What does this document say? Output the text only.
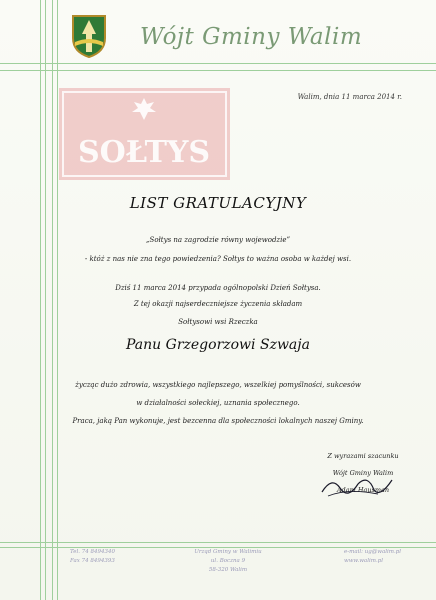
Wójt Gminy Walim
Walim, dnia 11 marca 2014 r.
SOŁTYS
LIST GRATULACYJNY
„Sołtys na zagrodzie równy wojewodzie”
- któż z nas nie zna tego powiedzenia? Sołtys to ważna osoba w każdej wsi.
Dziś 11 marca 2014 przypada ogólnopolski Dzień Sołtysa.
Z tej okazji najserdeczniejsze życzenia składam
Sołtysowi wsi Rzeczka
Panu Grzegorzowi Szwaja
życząc dużo zdrowia, wszystkiego najlepszego, wszelkiej pomyślności, sukcesów
w działalności sołeckiej, uznania społecznego.
Praca, jaką Pan wykonuje, jest bezcenna dla społeczności lokalnych naszej Gminy.
Z wyrazami szacunku
Wójt Gminy Walim
Adam Hausman
Tel. 74 8494340
Fax 74 8494393
Urząd Gminy w Walimiu
ul. Boczna 9
58-320 Walim
e-mail: ug@walim.pl
www.walim.pl
